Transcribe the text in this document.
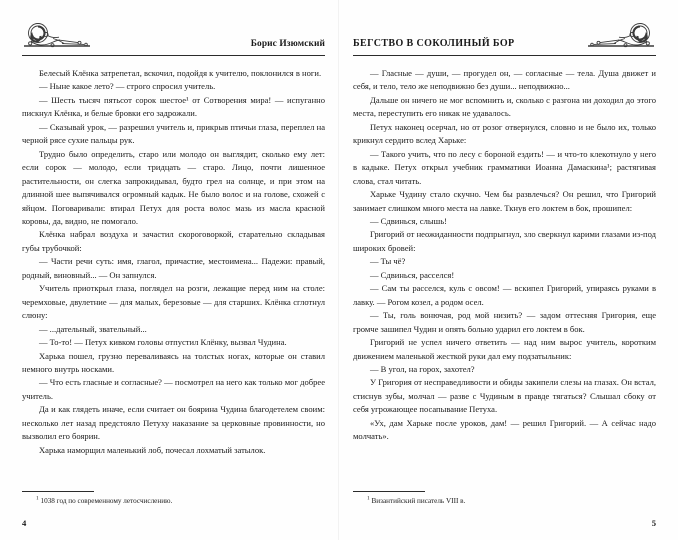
Борис Изюмский

Белесый Клёнка затрепетал, вскочил, подойдя к учителю, поклонился в ноги.

— Ныне какое лето? — строго спросил учитель.

— Шесть тысяч пятьсот сорок шестое¹ от Сотворения мира! — испуганно пискнул Клёнка, и белые бровки его задрожали.

— Сказывай урок, — разрешил учитель и, прикрыв птичьи глаза, переплел на черной рясе сухие пальцы рук.

Трудно было определить, старо или молодо он выглядит, сколько ему лет: если сорок — молодо, если тридцать — старо. Лицо, почти лишенное растительности, он слегка запрокидывал, будто грел на солнце, и при этом на длинной шее выпячивался огромный кадык. Не было волос и на голове, схожей с яйцом. Поговаривали: втирал Петух для роста волос мазь из масла красной коровы, да, видно, не помогало.

Клёнка набрал воздуха и зачастил скороговоркой, старательно складывая губы трубочкой:

— Части речи суть: имя, глагол, причастие, местоимена... Падежи: правый, родный, виновный... — Он запнулся.

Учитель приоткрыл глаза, поглядел на розги, лежащие перед ним на столе: черемховые, двулетние — для малых, березовые — для старших. Клёнка сглотнул слюну:

— ...дательный, звательный...

— То-то! — Петух кивком головы отпустил Клёнку, вызвал Чудина.

Харька пошел, грузно переваливаясь на толстых ногах, которые он ставил немного внутрь носками.

— Что есть гласные и согласные? — посмотрел на него как только мог добрее учитель.

Да и как глядеть иначе, если считает он боярина Чудина благодетелем своим: несколько лет назад предстояло Петуху наказание за церковные провинности, но вызволил его боярин.

Харька наморщил маленький лоб, почесал лохматый затылок.

$^1$ 1038 год по современному летосчислению.

4
БЕГСТВО В СОКОЛИНЫЙ БОР

— Гласные — души, — прогудел он, — согласные — тела. Душа движет и себя, и тело, тело же неподвижно без души... неподвижно...

Дальше он ничего не мог вспомнить и, сколько с разгона ни доходил до этого места, переступить его никак не удавалось.

Петух наконец осерчал, но от розог отвернулся, словно и не было их, только крикнул сердито вслед Харьке:

— Такого учить, что по лесу с бороной ездить! — и что-то клекотнуло у него в кадыке. Петух открыл учебник грамматики Иоанна Дамаскина¹; растягивая слова, стал читать.

Харьке Чудину стало скучно. Чем бы развлечься? Он решил, что Григорий занимает слишком много места на лавке. Ткнув его локтем в бок, прошипел:

— Сдвинься, слышь!

Григорий от неожиданности подпрыгнул, зло сверкнул карими глазами из-под широких бровей:

— Ты чё?

— Сдвинься, расселся!

— Сам ты расселся, куль с овсом! — вскипел Григорий, упираясь руками в лавку. — Рогом козел, а родом осел.

— Ты, голь вонючая, род мой низить? — задом оттесняя Григория, еще громче зашипел Чудин и опять больно ударил его локтем в бок.

Григорий не успел ничего ответить — над ним вырос учитель, коротким движением маленькой жесткой руки дал ему подзатыльник:

— В угол, на горох, захотел?

У Григория от несправедливости и обиды закипели слезы на глазах. Он встал, стиснув зубы, молчал — разве с Чудиным в правде тягаться? Слышал сбоку от себя угрожающее посапывание Петуха.

«Ух, дам Харьке после уроков, дам! — решил Григорий. — А сейчас надо молчать».

$^1$ Византийский писатель VIII в.

5
